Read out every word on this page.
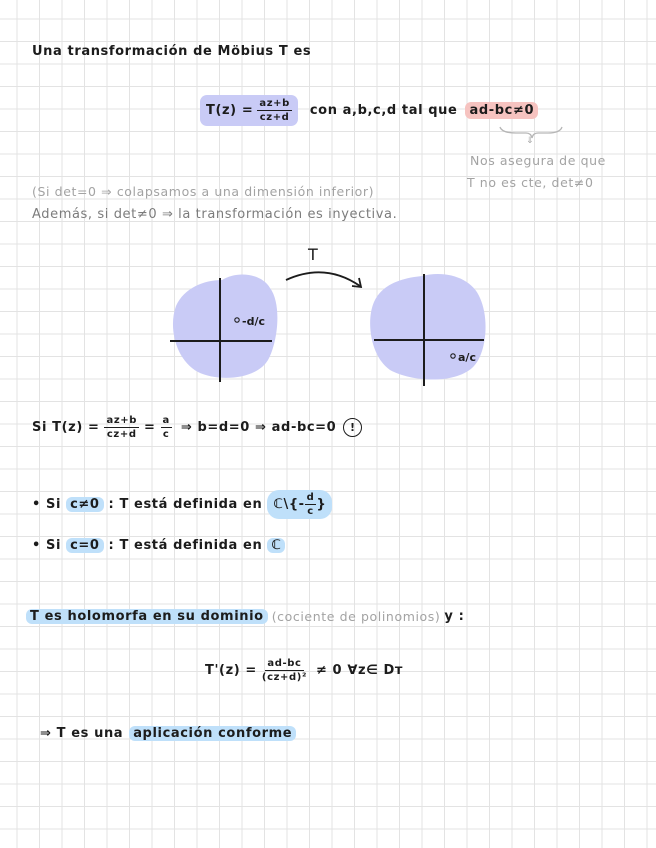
Una transformación de Möbius T es
$T(z) = \frac{az+b}{cz+d}$ con a,b,c,d tal que ad-bc≠0
⇓
Nos asegura de que
T no es cte, det≠0
(Si det=0 ⇒ colapsamos a una dimensión inferior)
Además, si det≠0 ⇒ la transformación es inyectiva.
-d/c
T
a/c
Si $T(z) = \frac{az+b}{cz+d} = \frac{a}{c}$ ⇒ b=d=0 ⇒ ad-bc=0	!
• Si c≠0 : T está definida en ℂ\{- $\frac{d}{c}$ }
• Si c=0 : T está definida en ℂ
T es holomorfa en su dominio (cociente de polinomios) y :
$T'(z) = \frac{ad-bc}{\text{(cz+d)²}} \ne 0$ ∀z∈ Dᴛ
⇒ T es una aplicación conforme
